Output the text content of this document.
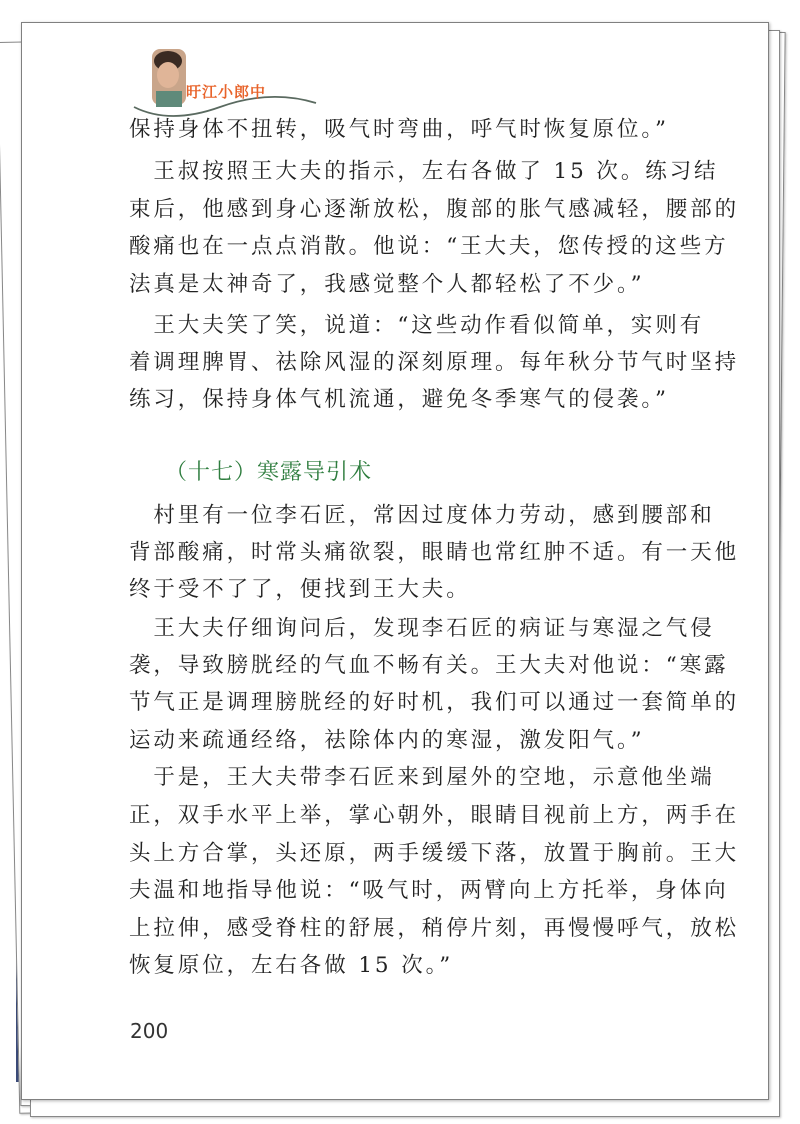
旴江小郎中
（十七）寒露导引术
200
保持身体不扭转，吸气时弯曲，呼气时恢复原位。”
　王叔按照王大夫的指示，左右各做了 15 次。练习结
束后，他感到身心逐渐放松，腹部的胀气感减轻，腰部的
酸痛也在一点点消散。他说：“王大夫，您传授的这些方
法真是太神奇了，我感觉整个人都轻松了不少。”
　王大夫笑了笑，说道：“这些动作看似简单，实则有
着调理脾胃、祛除风湿的深刻原理。每年秋分节气时坚持
练习，保持身体气机流通，避免冬季寒气的侵袭。”
　村里有一位李石匠，常因过度体力劳动，感到腰部和
背部酸痛，时常头痛欲裂，眼睛也常红肿不适。有一天他
终于受不了了，便找到王大夫。
　王大夫仔细询问后，发现李石匠的病证与寒湿之气侵
袭，导致膀胱经的气血不畅有关。王大夫对他说：“寒露
节气正是调理膀胱经的好时机，我们可以通过一套简单的
运动来疏通经络，祛除体内的寒湿，激发阳气。”
　于是，王大夫带李石匠来到屋外的空地，示意他坐端
正，双手水平上举，掌心朝外，眼睛目视前上方，两手在
头上方合掌，头还原，两手缓缓下落，放置于胸前。王大
夫温和地指导他说：“吸气时，两臂向上方托举，身体向
上拉伸，感受脊柱的舒展，稍停片刻，再慢慢呼气，放松
恢复原位，左右各做 15 次。”
